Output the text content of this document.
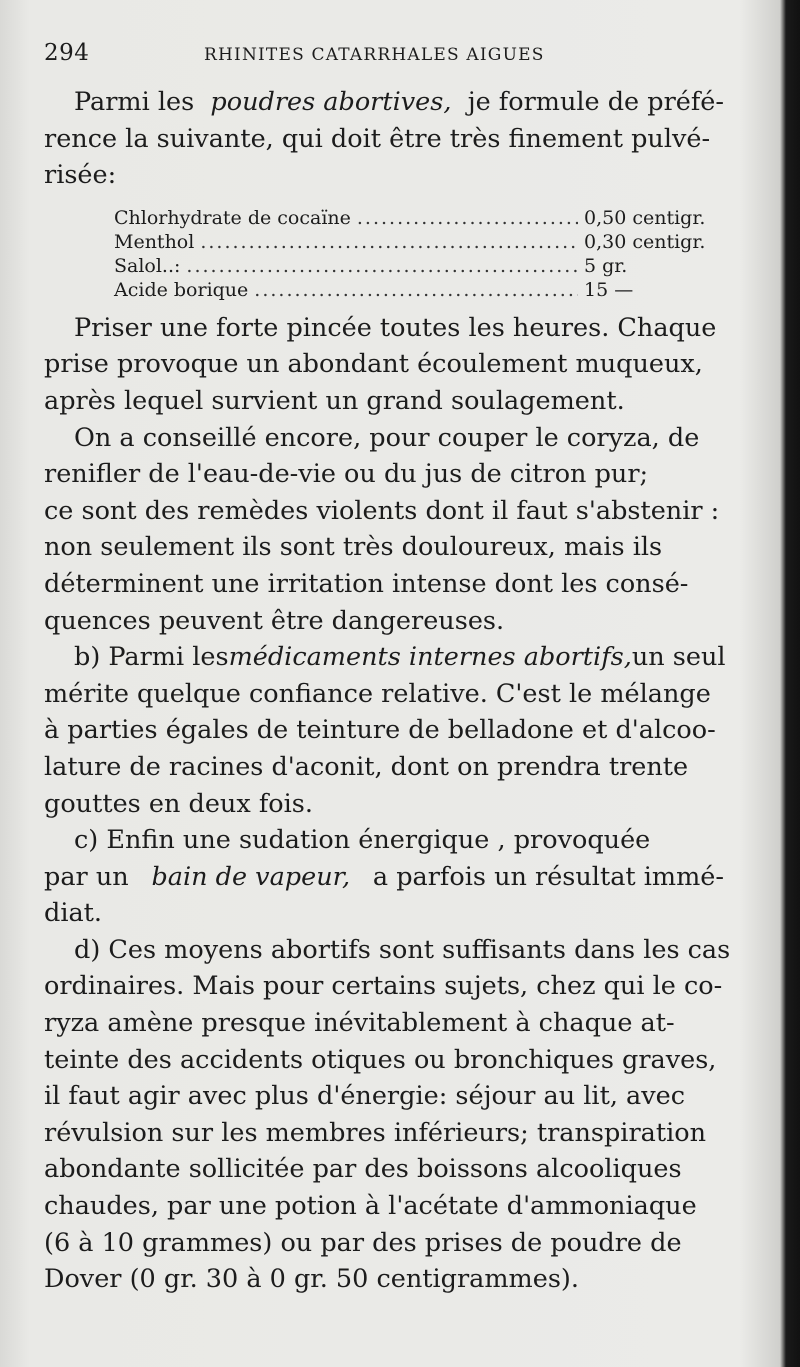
294	RHINITES CATARRHALES AIGUES
Parmi les poudres abortives, je formule de préfé-
rence la suivante, qui doit être très finement pulvé-
risée:
Chlorhydrate de cocaïne .....	0,50 centigr.
Menthol .....	0,30 centigr.
Salol..: .....	5 gr.
Acide borique .....	15 —
Priser une forte pincée toutes les heures. Chaque
prise provoque un abondant écoulement muqueux,
après lequel survient un grand soulagement.
On a conseillé encore, pour couper le coryza, de
renifler de l'eau-de-vie ou du jus de citron pur;
ce sont des remèdes violents dont il faut s'abstenir :
non seulement ils sont très douloureux, mais ils
déterminent une irritation intense dont les consé-
quences peuvent être dangereuses.
b) Parmi les médicaments internes abortifs, un seul
mérite quelque confiance relative. C'est le mélange
à parties égales de teinture de belladone et d'alcoo-
lature de racines d'aconit, dont on prendra trente
gouttes en deux fois.
c) Enfin une sudation énergique , provoquée
par un bain de vapeur, a parfois un résultat immé-
diat.
d) Ces moyens abortifs sont suffisants dans les cas
ordinaires. Mais pour certains sujets, chez qui le co-
ryza amène presque inévitablement à chaque at-
teinte des accidents otiques ou bronchiques graves,
il faut agir avec plus d'énergie: séjour au lit, avec
révulsion sur les membres inférieurs; transpiration
abondante sollicitée par des boissons alcooliques
chaudes, par une potion à l'acétate d'ammoniaque
(6 à 10 grammes) ou par des prises de poudre de
Dover (0 gr. 30 à 0 gr. 50 centigrammes).
